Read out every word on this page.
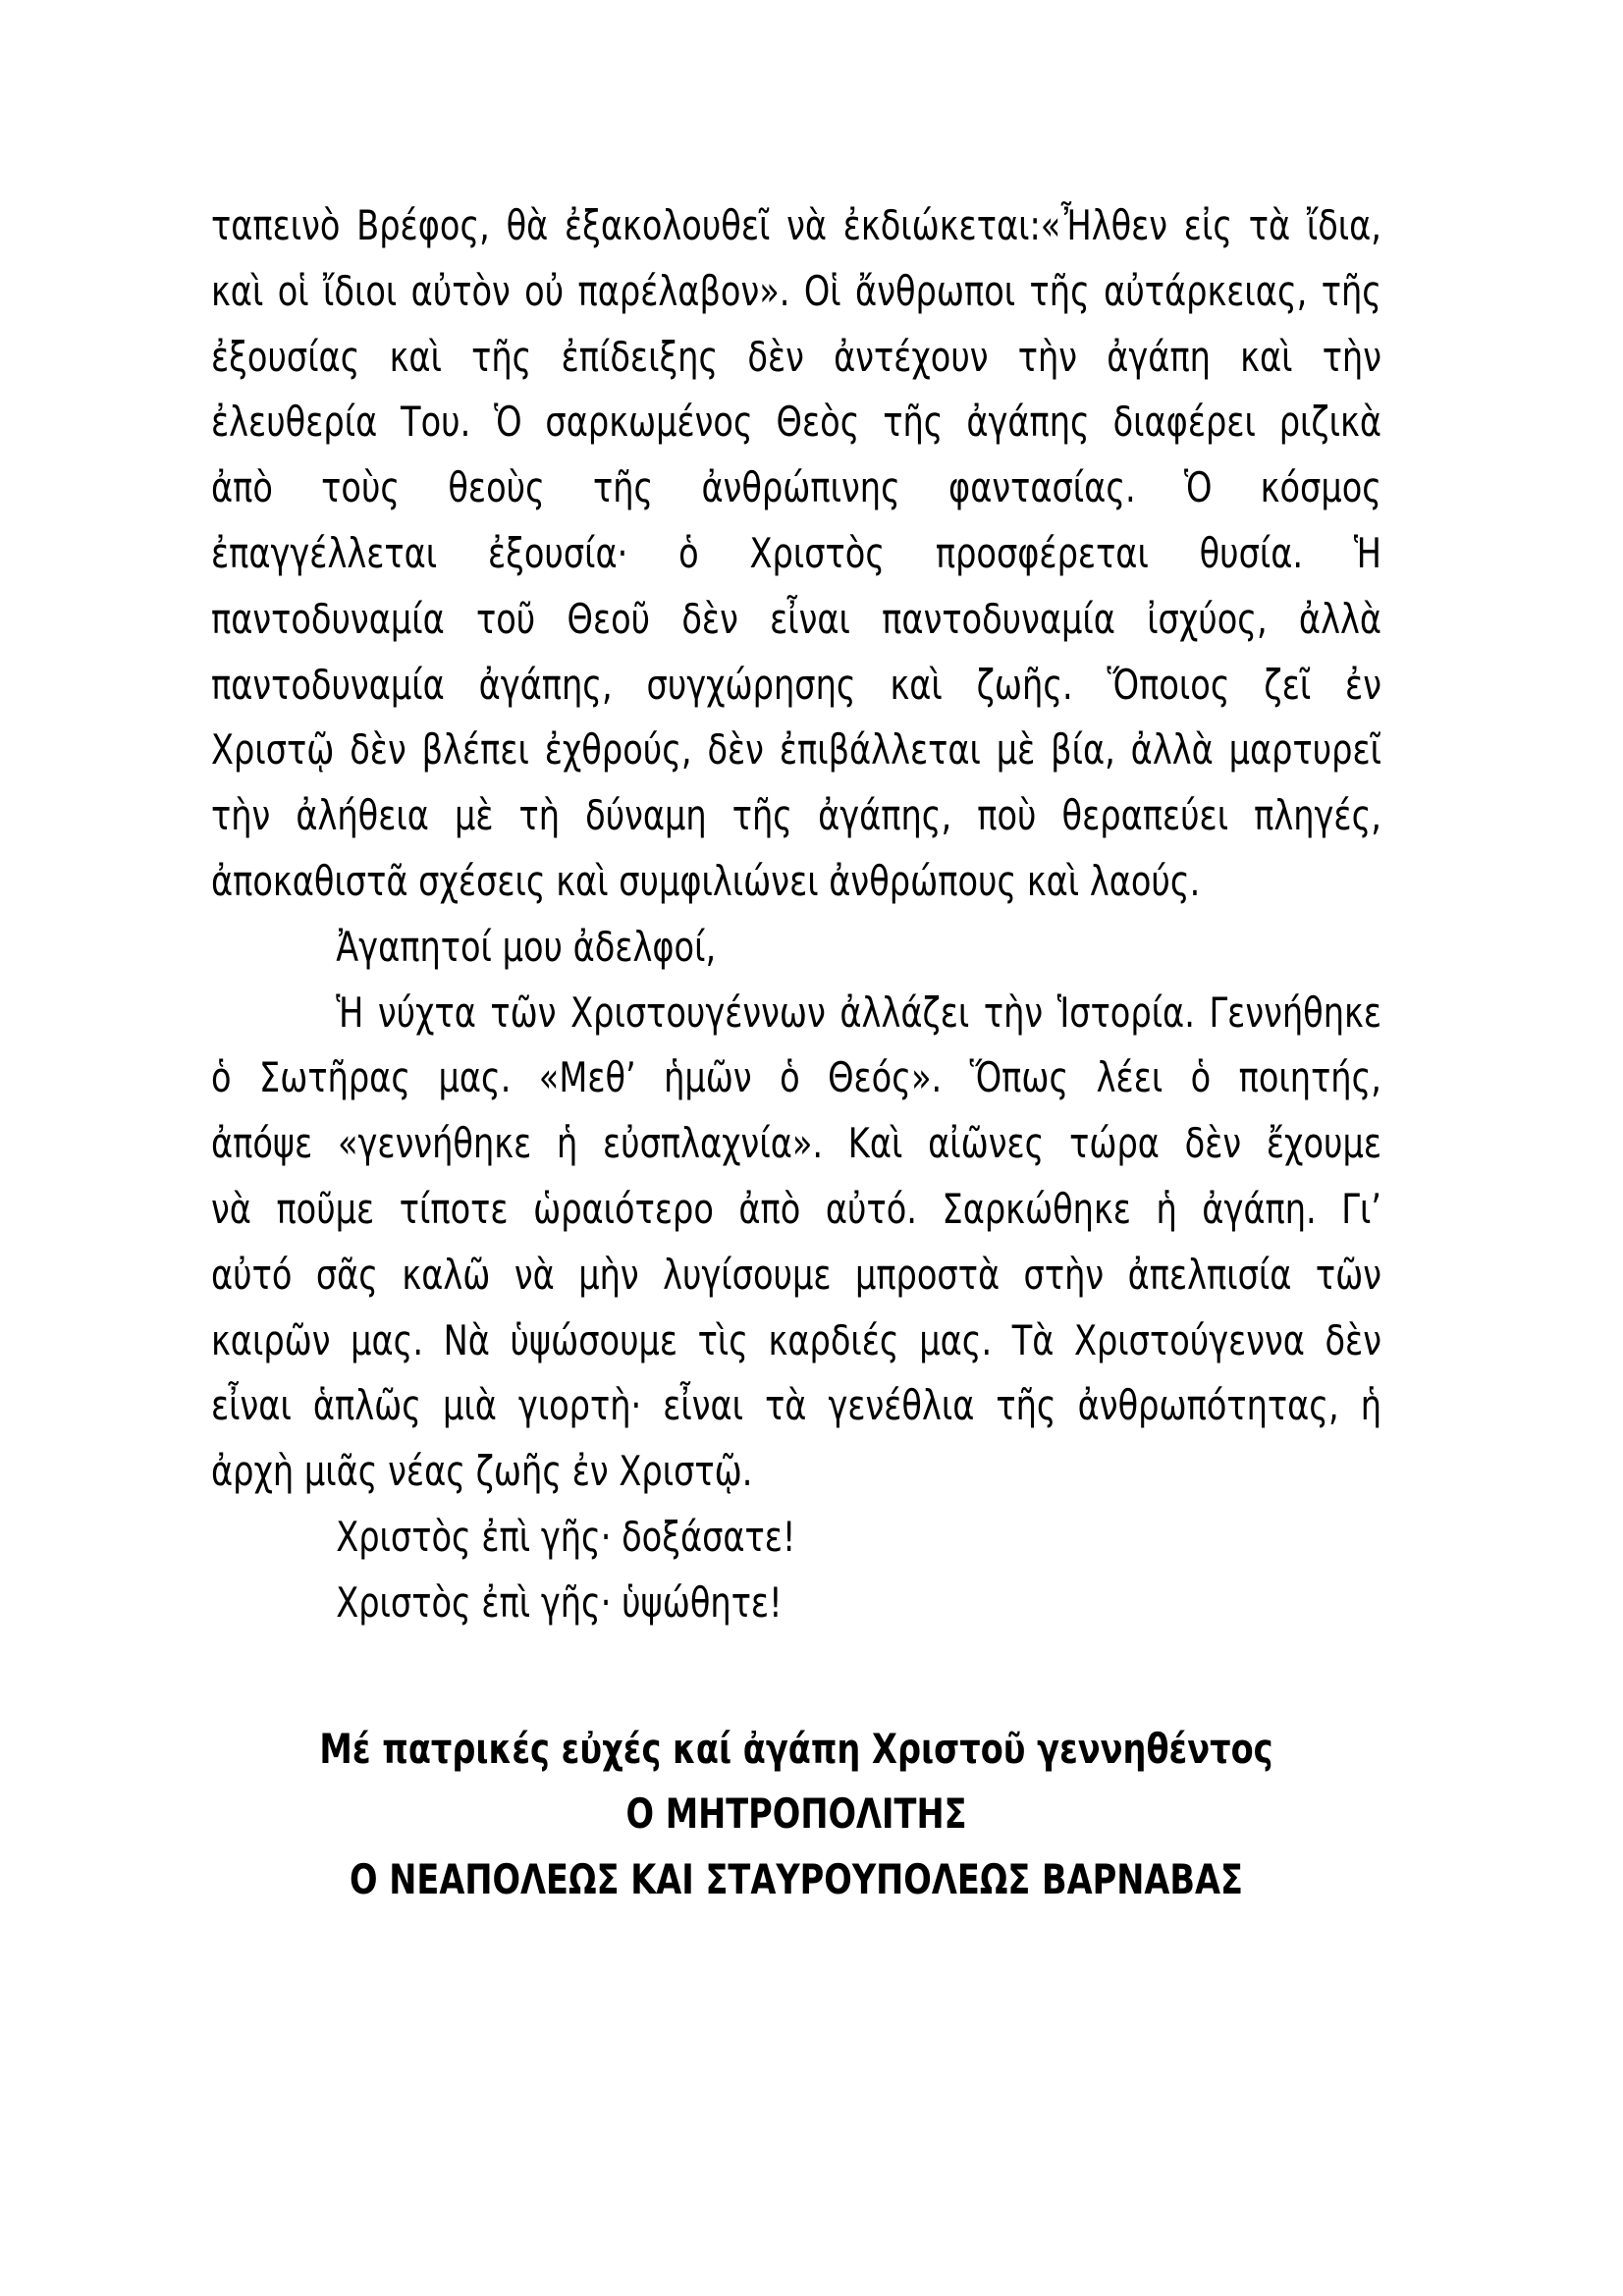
ταπεινὸ Βρέφος, θὰ ἐξακολουθεῖ νὰ ἐκδιώκεται:«Ἦλθεν εἰς τὰ ἴδια,
καὶ οἱ ἴδιοι αὐτὸν οὐ παρέλαβον». Οἱ ἄνθρωποι τῆς αὐτάρκειας, τῆς
ἐξουσίας καὶ τῆς ἐπίδειξης δὲν ἀντέχουν τὴν ἀγάπη καὶ τὴν
ἐλευθερία Του. Ὁ σαρκωμένος Θεὸς τῆς ἀγάπης διαφέρει ριζικὰ
ἀπὸ τοὺς θεοὺς τῆς ἀνθρώπινης φαντασίας. Ὁ κόσμος
ἐπαγγέλλεται ἐξουσία· ὁ Χριστὸς προσφέρεται θυσία. Ἡ
παντοδυναμία τοῦ Θεοῦ δὲν εἶναι παντοδυναμία ἰσχύος, ἀλλὰ
παντοδυναμία ἀγάπης, συγχώρησης καὶ ζωῆς. Ὅποιος ζεῖ ἐν
Χριστῷ δὲν βλέπει ἐχθρούς, δὲν ἐπιβάλλεται μὲ βία, ἀλλὰ μαρτυρεῖ
τὴν ἀλήθεια μὲ τὴ δύναμη τῆς ἀγάπης, ποὺ θεραπεύει πληγές,
ἀποκαθιστᾶ σχέσεις καὶ συμφιλιώνει ἀνθρώπους καὶ λαούς.
Ἀγαπητοί μου ἀδελφοί,
Ἡ νύχτα τῶν Χριστουγέννων ἀλλάζει τὴν Ἱστορία. Γεννήθηκε
ὁ Σωτῆρας μας. «Μεθ’ ἡμῶν ὁ Θεός». Ὅπως λέει ὁ ποιητής,
ἀπόψε «γεννήθηκε ἡ εὐσπλαχνία». Καὶ αἰῶνες τώρα δὲν ἔχουμε
νὰ ποῦμε τίποτε ὡραιότερο ἀπὸ αὐτό. Σαρκώθηκε ἡ ἀγάπη. Γι’
αὐτό σᾶς καλῶ νὰ μὴν λυγίσουμε μπροστὰ στὴν ἀπελπισία τῶν
καιρῶν μας. Νὰ ὑψώσουμε τὶς καρδιές μας. Τὰ Χριστούγεννα δὲν
εἶναι ἁπλῶς μιὰ γιορτὴ· εἶναι τὰ γενέθλια τῆς ἀνθρωπότητας, ἡ
ἀρχὴ μιᾶς νέας ζωῆς ἐν Χριστῷ.
Χριστὸς ἐπὶ γῆς· δοξάσατε!
Χριστὸς ἐπὶ γῆς· ὑψώθητε!
Μέ πατρικές εὐχές καί ἀγάπη Χριστοῦ γεννηθέντος
Ο ΜΗΤΡΟΠΟΛΙΤΗΣ
Ο ΝΕΑΠΟΛΕΩΣ ΚΑΙ ΣΤΑΥΡΟΥΠΟΛΕΩΣ ΒΑΡΝΑΒΑΣ
